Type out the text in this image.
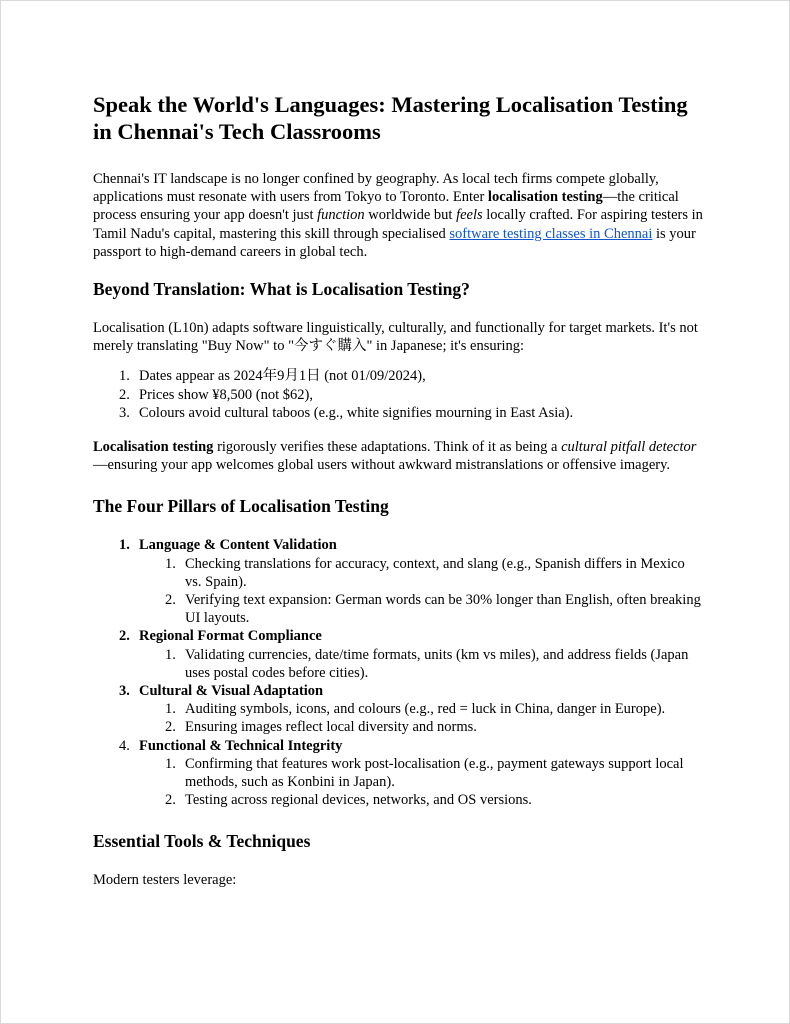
Speak the World's Languages: Mastering Localisation Testing in Chennai's Tech Classrooms

Chennai's IT landscape is no longer confined by geography. As local tech firms compete globally, applications must resonate with users from Tokyo to Toronto. Enter localisation testing—the critical process ensuring your app doesn't just function worldwide but feels locally crafted. For aspiring testers in Tamil Nadu's capital, mastering this skill through specialised software testing classes in Chennai is your passport to high-demand careers in global tech.

Beyond Translation: What is Localisation Testing?

Localisation (L10n) adapts software linguistically, culturally, and functionally for target markets. It's not merely translating "Buy Now" to "今すぐ購入" in Japanese; it's ensuring:

1. Dates appear as 2024年9月1日 (not 01/09/2024),
2. Prices show ¥8,500 (not $62),
3. Colours avoid cultural taboos (e.g., white signifies mourning in East Asia).

Localisation testing rigorously verifies these adaptations. Think of it as being a cultural pitfall detector—ensuring your app welcomes global users without awkward mistranslations or offensive imagery.

The Four Pillars of Localisation Testing
1. Language & Content Validation
1. Checking translations for accuracy, context, and slang (e.g., Spanish differs in Mexico vs. Spain).
2. Verifying text expansion: German words can be 30% longer than English, often breaking UI layouts.
2. Regional Format Compliance
1. Validating currencies, date/time formats, units (km vs miles), and address fields (Japan uses postal codes before cities).
3. Cultural & Visual Adaptation
1. Auditing symbols, icons, and colours (e.g., red = luck in China, danger in Europe).
2. Ensuring images reflect local diversity and norms.
4. Functional & Technical Integrity
1. Confirming that features work post-localisation (e.g., payment gateways support local methods, such as Konbini in Japan).
2. Testing across regional devices, networks, and OS versions.
Essential Tools & Techniques

Modern testers leverage:
